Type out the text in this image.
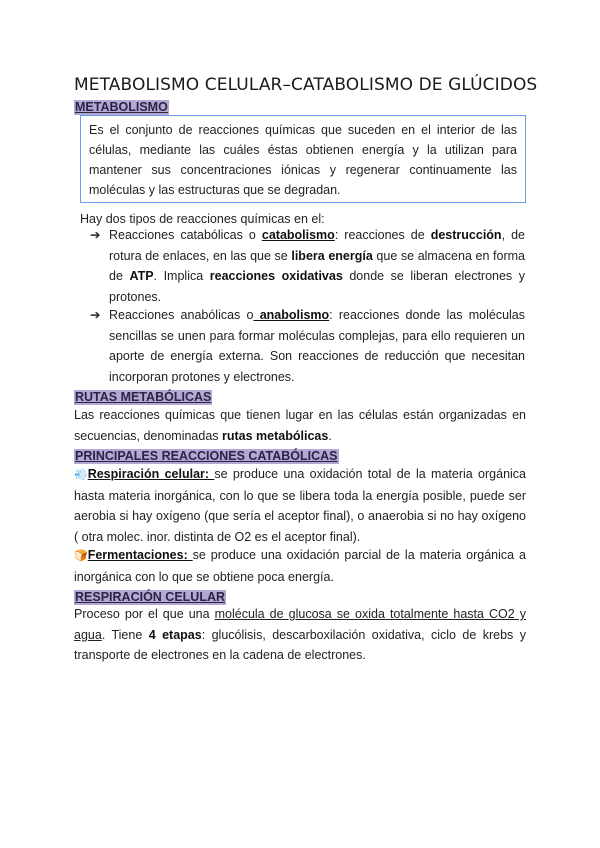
METABOLISMO CELULAR–CATABOLISMO DE GLÚCIDOS
METABOLISMO

Es el conjunto de reacciones químicas que suceden en el interior de las células, mediante las cuáles éstas obtienen energía y la utilizan para mantener sus concentraciones iónicas y regenerar continuamente las moléculas y las estructuras que se degradan.

Hay dos tipos de reacciones químicas en el:

➔ Reacciones catabólicas o catabolismo: reacciones de destrucción, de rotura de enlaces, en las que se libera energía que se almacena en forma de ATP. Implica reacciones oxidativas donde se liberan electrones y protones.

➔ Reacciones anabólicas o anabolismo: reacciones donde las moléculas sencillas se unen para formar moléculas complejas, para ello requieren un aporte de energía externa. Son reacciones de reducción que necesitan incorporan protones y electrones.

RUTAS METABÓLICAS

Las reacciones químicas que tienen lugar en las células están organizadas en secuencias, denominadas rutas metabólicas.

PRINCIPALES REACCIONES CATABÓLICAS

💨Respiración celular: se produce una oxidación total de la materia orgánica hasta materia inorgánica, con lo que se libera toda la energía posible, puede ser aerobia si hay oxígeno (que sería el aceptor final), o anaerobia si no hay oxígeno ( otra molec. inor. distinta de O2 es el aceptor final).

🍞Fermentaciones: se produce una oxidación parcial de la materia orgánica a inorgánica con lo que se obtiene poca energía.

RESPIRACIÓN CELULAR

Proceso por el que una molécula de glucosa se oxida totalmente hasta CO2 y agua. Tiene 4 etapas: glucólisis, descarboxilación oxidativa, ciclo de krebs y transporte de electrones en la cadena de electrones.
